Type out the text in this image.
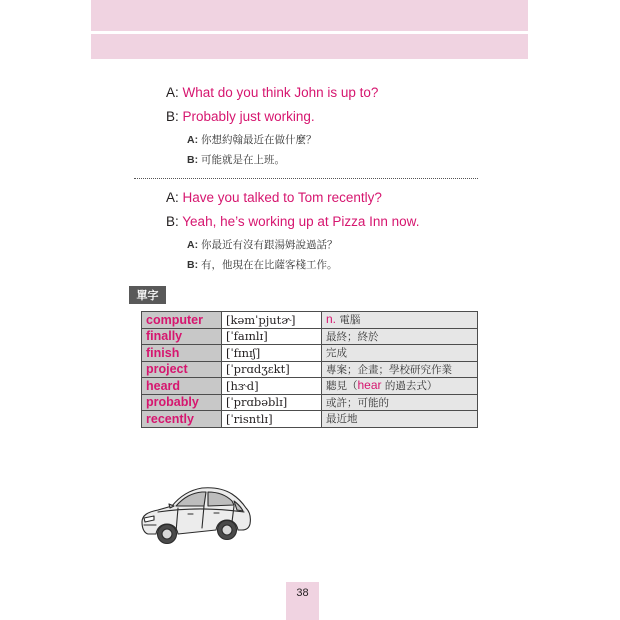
A: What do you think John is up to?
B: Probably just working.
A: 你想約翰最近在做什麼？
B: 可能就是在上班。
A: Have you talked to Tom recently?
B: Yeah, he’s working up at Pizza Inn now.
A: 你最近有沒有跟湯姆說過話？
B: 有，他現在在比薩客棧工作。
單字
computer	[kəmˈpjutɚ]	n. 電腦
finally	[ˈfaɪnlɪ]	最終；終於
finish	[ˈfɪnɪʃ]	完成
project	[ˈprɑdʒɛkt]	專案；企畫；學校研究作業
heard	[hɝd]	聽見（hear 的過去式）
probably	[ˈprɑbəblɪ]	或許；可能的
recently	[ˈrisntlɪ]	最近地
38
